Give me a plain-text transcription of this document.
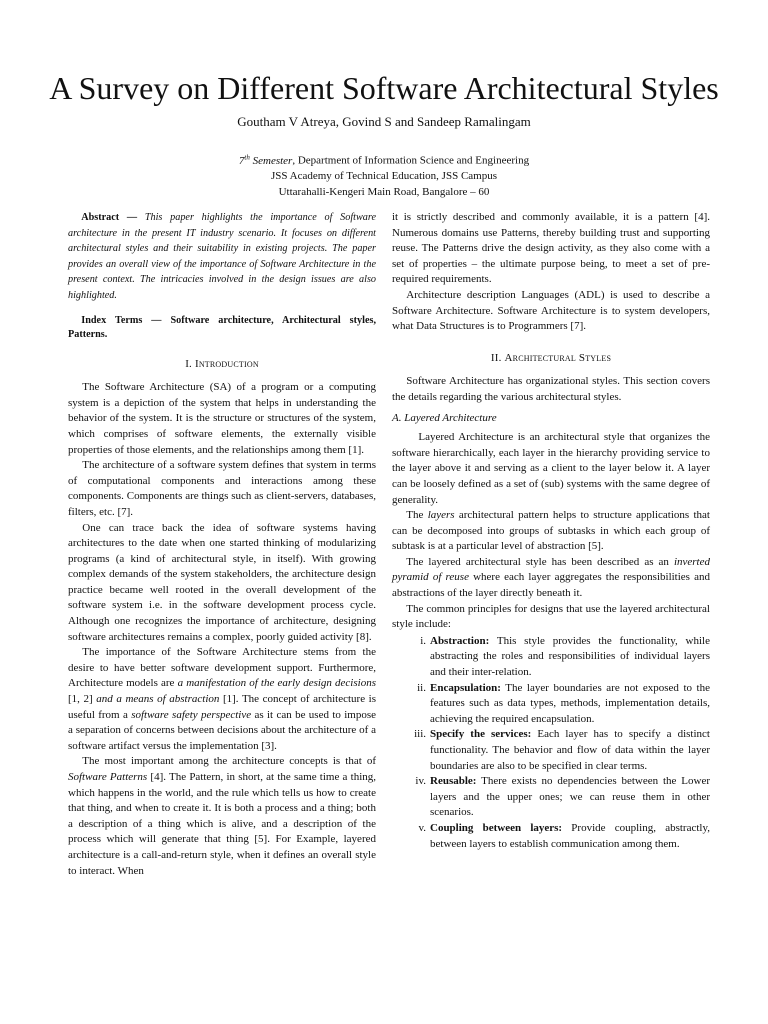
A Survey on Different Software Architectural Styles
Goutham V Atreya, Govind S and Sandeep Ramalingam
7th Semester, Department of Information Science and Engineering
JSS Academy of Technical Education, JSS Campus
Uttarahalli-Kengeri Main Road, Bangalore – 60

Abstract — This paper highlights the importance of Software architecture in the present IT industry scenario. It focuses on different architectural styles and their suitability in existing projects. The paper provides an overall view of the importance of Software Architecture in the present context. The intricacies involved in the design issues are also highlighted.

Index Terms — Software architecture, Architectural styles, Patterns.

I. Introduction

The Software Architecture (SA) of a program or a computing system is a depiction of the system that helps in understanding the behavior of the system. It is the structure or structures of the system, which comprises of software elements, the externally visible properties of those elements, and the relationships among them [1].

The architecture of a software system defines that system in terms of computational components and interactions among these components. Components are things such as client-servers, databases, filters, etc. [7].

One can trace back the idea of software systems having architectures to the date when one started thinking of modularizing programs (a kind of architectural style, in itself). With growing complex demands of the system stakeholders, the architecture design practice became well rooted in the overall development of the software system i.e. in the software development process cycle. Although one recognizes the importance of architecture, designing software architectures remains a complex, poorly guided activity [8].

The importance of the Software Architecture stems from the desire to have better software development support. Furthermore, Architecture models are a manifestation of the early design decisions [1, 2] and a means of abstraction [1]. The concept of architecture is useful from a software safety perspective as it can be used to impose a separation of concerns between decisions about the architecture of a software artifact versus the implementation [3].

The most important among the architecture concepts is that of Software Patterns [4]. The Pattern, in short, at the same time a thing, which happens in the world, and the rule which tells us how to create that thing, and when to create it. It is both a process and a thing; both a description of a thing which is alive, and a description of the process which will generate that thing [5]. For Example, layered architecture is a call-and-return style, when it defines an overall style to interact. When

it is strictly described and commonly available, it is a pattern [4]. Numerous domains use Patterns, thereby building trust and supporting reuse. The Patterns drive the design activity, as they also come with a set of properties – the ultimate purpose being, to meet a set of pre-required requirements.

Architecture description Languages (ADL) is used to describe a Software Architecture. Software Architecture is to system developers, what Data Structures is to Programmers [7].

II. Architectural Styles

Software Architecture has organizational styles. This section covers the details regarding the various architectural styles.

A. Layered Architecture

Layered Architecture is an architectural style that organizes the software hierarchically, each layer in the hierarchy providing service to the layer above it and serving as a client to the layer below it. A layer can be loosely defined as a set of (sub) systems with the same degree of generality.

The layers architectural pattern helps to structure applications that can be decomposed into groups of subtasks in which each group of subtask is at a particular level of abstraction [5].

The layered architectural style has been described as an inverted pyramid of reuse where each layer aggregates the responsibilities and abstractions of the layer directly beneath it.

The common principles for designs that use the layered architectural style include:

i. Abstraction: This style provides the functionality, while abstracting the roles and responsibilities of individual layers and their inter-relation.
ii. Encapsulation: The layer boundaries are not exposed to the features such as data types, methods, implementation details, achieving the required encapsulation.
iii. Specify the services: Each layer has to specify a distinct functionality. The behavior and flow of data within the layer boundaries are also to be specified in clear terms.
iv. Reusable: There exists no dependencies between the Lower layers and the upper ones; we can reuse them in other scenarios.
v. Coupling between layers: Provide coupling, abstractly, between layers to establish communication among them.
